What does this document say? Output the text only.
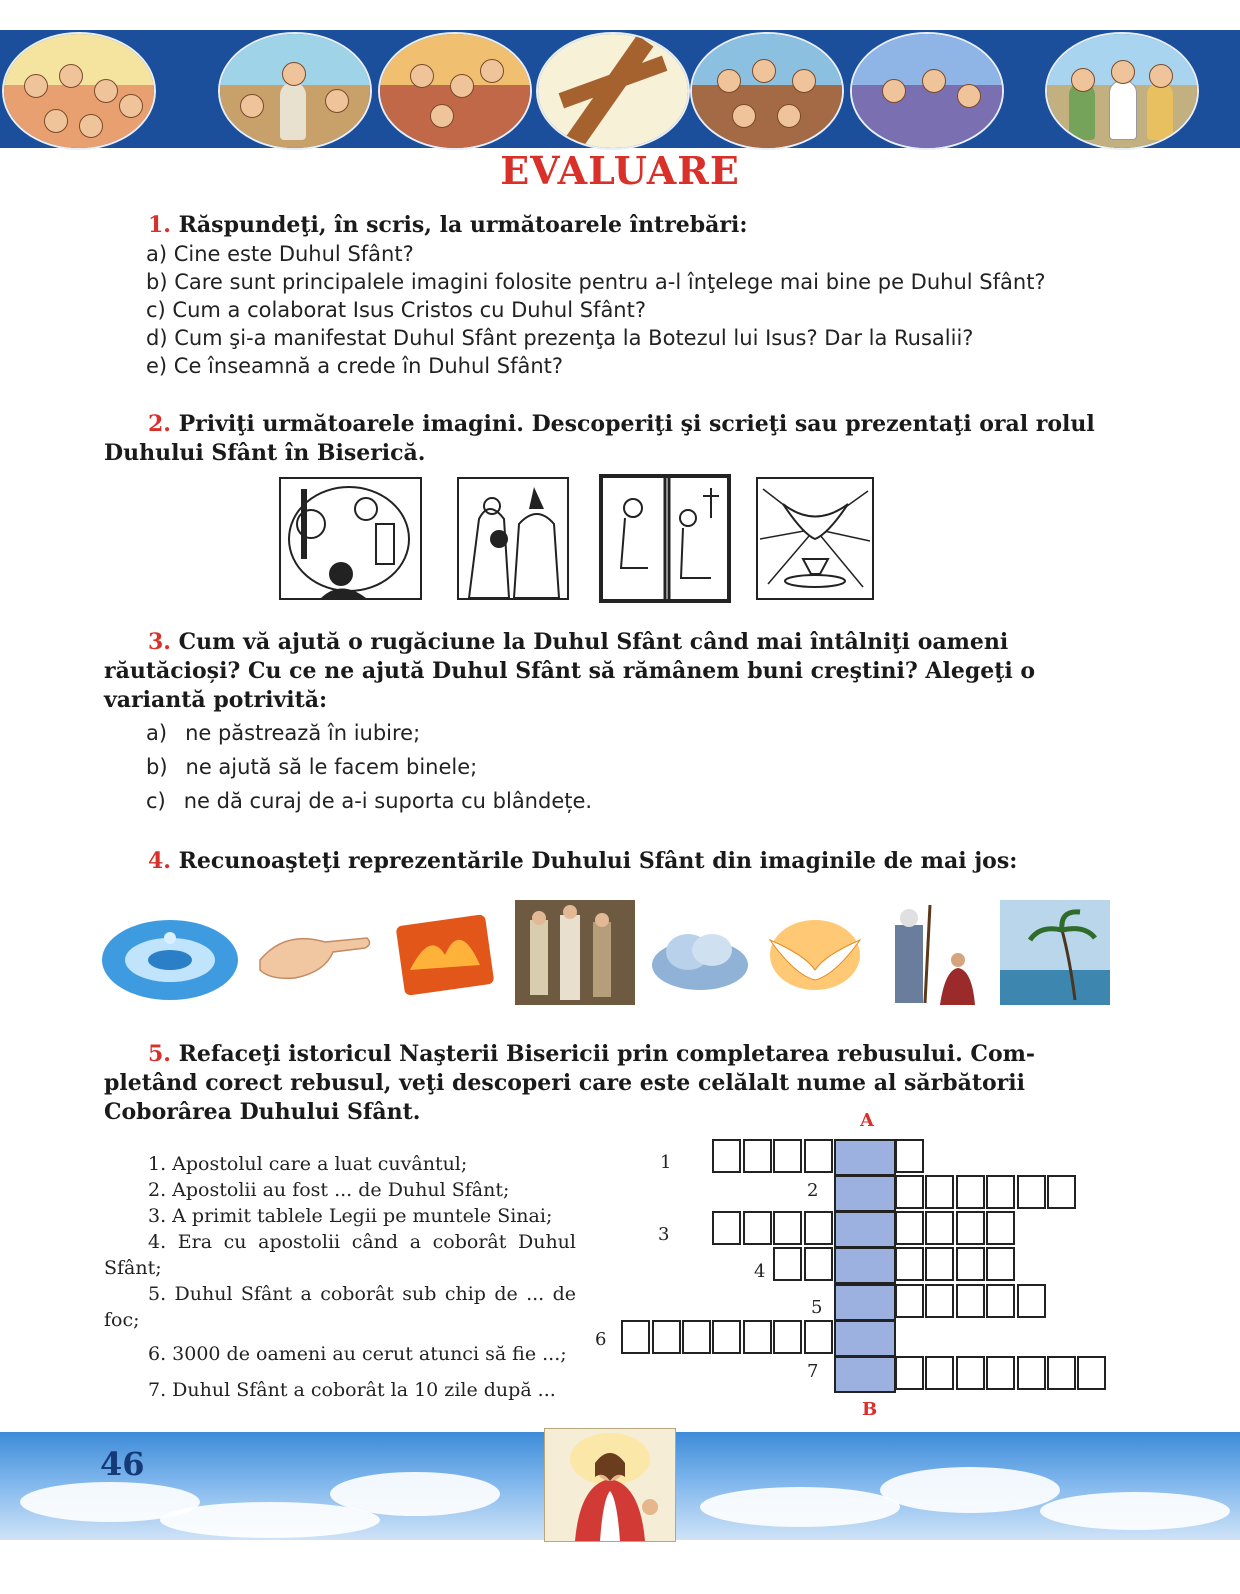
EVALUARE
1. Răspundeţi, în scris, la următoarele întrebări:
a) Cine este Duhul Sfânt?
b) Care sunt principalele imagini folosite pentru a-l înţelege mai bine pe Duhul Sfânt?
c) Cum a colaborat Isus Cristos cu Duhul Sfânt?
d) Cum şi-a manifestat Duhul Sfânt prezenţa la Botezul lui Isus? Dar la Rusalii?
e) Ce înseamnă a crede în Duhul Sfânt?
2. Priviţi următoarele imagini. Descoperiţi şi scrieţi sau prezentaţi oral rolul
Duhului Sfânt în Biserică.
3. Cum vă ajută o rugăciune la Duhul Sfânt când mai întâlniţi oameni
răutăcioși? Cu ce ne ajută Duhul Sfânt să rămânem buni creştini? Alegeţi o
variantă potrivită:
a) ne păstrează în iubire;
b) ne ajută să le facem binele;
c) ne dă curaj de a-i suporta cu blândețe.
4. Recunoaşteţi reprezentările Duhului Sfânt din imaginile de mai jos:
5. Refaceţi istoricul Naşterii Bisericii prin completarea rebusului. Com-
pletând corect rebusul, veţi descoperi care este celălalt nume al sărbătorii
Coborârea Duhului Sfânt.
1. Apostolul care a luat cuvântul;
2. Apostolii au fost ... de Duhul Sfânt;
3. A primit tablele Legii pe muntele Sinai;
4. Era cu apostolii când a coborât Duhul Sfânt;
5. Duhul Sfânt a coborât sub chip de ... de foc;
6. 3000 de oameni au cerut atunci să fie ...;
7. Duhul Sfânt a coborât la 10 zile după ...
A
B
1
2
3
4
5
6
7
46
